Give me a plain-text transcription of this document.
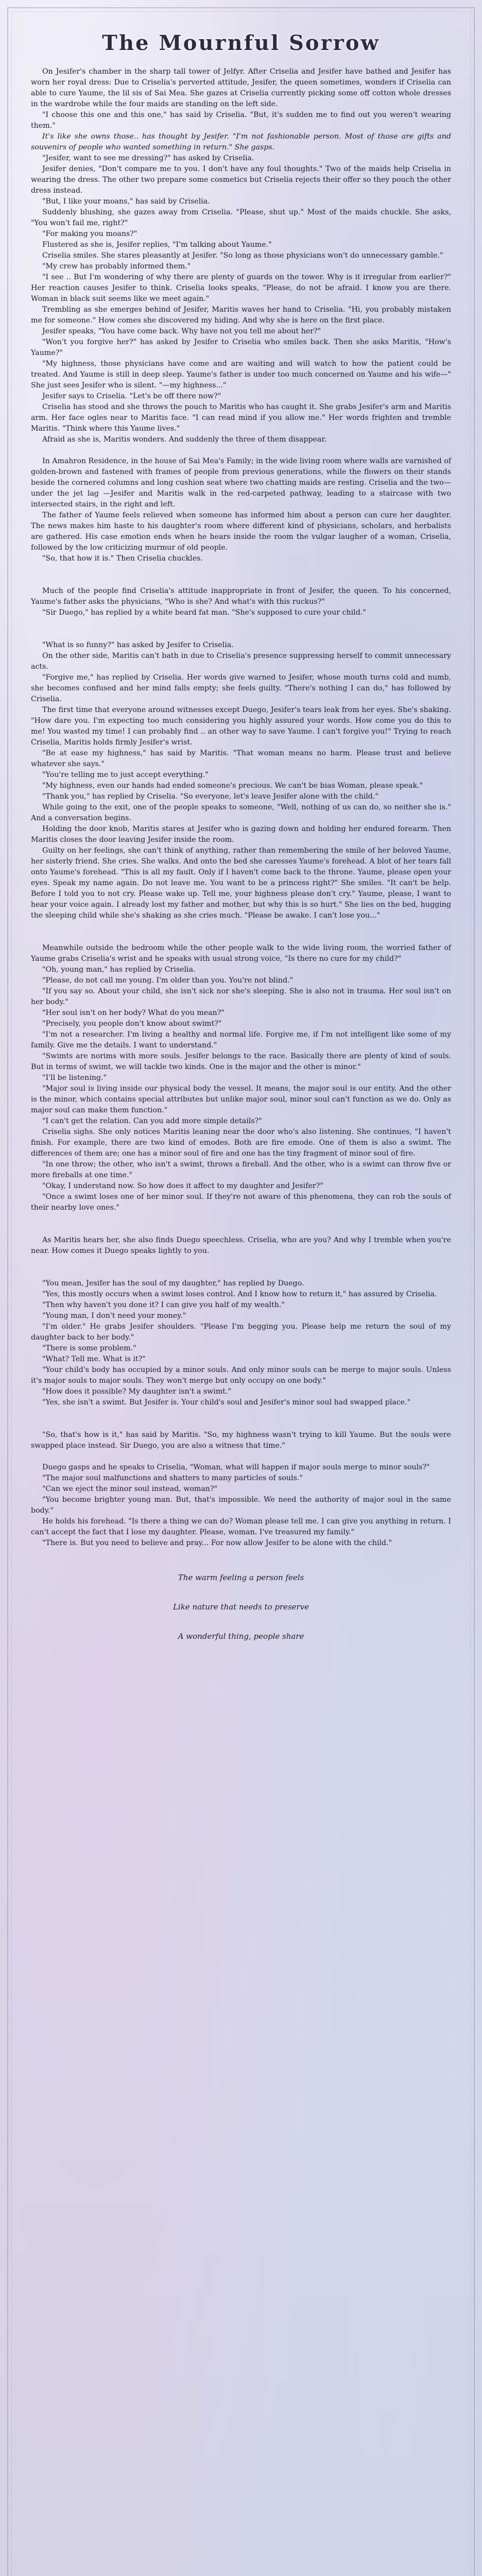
The Mournful Sorrow

On Jesifer's chamber in the sharp tall tower of Jelfyr. After Criselia and Jesifer have bathed and Jesifer has worn her royal dress: Due to Criselia's perverted attitude, Jesifer, the queen sometimes, wonders if Criselia can able to cure Yaume, the lil sis of Sai Mea. She gazes at Criselia currently picking some off cotton whole dresses in the wardrobe while the four maids are standing on the left side.

"I choose this one and this one," has said by Criselia. "But, it's sudden me to find out you weren't wearing them."

It's like she owns those.. has thought by Jesifer. "I'm not fashionable person. Most of those are gifts and souvenirs of people who wanted something in return." She gasps.

"Jesifer, want to see me dressing?" has asked by Criselia.

Jesifer denies, "Don't compare me to you. I don't have any foul thoughts." Two of the maids help Criselia in wearing the dress. The other two prepare some cosmetics but Criselia rejects their offer so they pouch the other dress instead.

"But, I like your moans," has said by Criselia.

Suddenly blushing, she gazes away from Criselia. "Please, shut up." Most of the maids chuckle. She asks, "You won't fail me, right?"

"For making you moans?"

Flustered as she is, Jesifer replies, "I'm talking about Yaume."

Criselia smiles. She stares pleasantly at Jesifer. "So long as those physicians won't do unnecessary gamble."

"My crew has probably informed them."

"I see .. But I'm wondering of why there are plenty of guards on the tower. Why is it irregular from earlier?" Her reaction causes Jesifer to think. Criselia looks speaks, "Please, do not be afraid. I know you are there. Woman in black suit seems like we meet again."

Trembling as she emerges behind of Jesifer, Maritis waves her hand to Criselia. "Hi, you probably mistaken me for someone." How comes she discovered my hiding. And why she is here on the first place.

Jesifer speaks, "You have come back. Why have not you tell me about her?"

"Won't you forgive her?" has asked by Jesifer to Criselia who smiles back. Then she asks Maritis, "How's Yaume?"

"My highness, those physicians have come and are waiting and will watch to how the patient could be treated. And Yaume is still in deep sleep. Yaume's father is under too much concerned on Yaume and his wife—" She just sees Jesifer who is silent. "—my highness..."

Jesifer says to Criselia. "Let's be off there now?"

Criselia has stood and she throws the pouch to Maritis who has caught it. She grabs Jesifer's arm and Maritis arm. Her face ogles near to Maritis face. "I can read mind if you allow me." Her words frighten and tremble Maritis. "Think where this Yaume lives."

Afraid as she is, Maritis wonders. And suddenly the three of them disappear.

In Amahron Residence, in the house of Sai Mea's Family; in the wide living room where walls are varnished of golden-brown and fastened with frames of people from previous generations, while the flowers on their stands beside the cornered columns and long cushion seat where two chatting maids are resting. Criselia and the two— under the jet lag —Jesifer and Maritis walk in the red-carpeted pathway, leading to a staircase with two intersected stairs, in the right and left.

The father of Yaume feels relieved when someone has informed him about a person can cure her daughter. The news makes him haste to his daughter's room where different kind of physicians, scholars, and herbalists are gathered. His case emotion ends when he hears inside the room the vulgar laugher of a woman, Criselia, followed by the low criticizing murmur of old people.

"So, that how it is." Then Criselia chuckles.

Much of the people find Criselia's attitude inappropriate in front of Jesifer, the queen. To his concerned, Yaume's father asks the physicians, "Who is she? And what's with this ruckus?"

"Sir Duego," has replied by a white beard fat man. "She's supposed to cure your child."

"What is so funny?" has asked by Jesifer to Criselia.

On the other side, Maritis can't bath in due to Criselia's presence suppressing herself to commit unnecessary acts.

"Forgive me," has replied by Criselia. Her words give warned to Jesifer, whose mouth turns cold and numb, she becomes confused and her mind falls empty; she feels guilty. "There's nothing I can do," has followed by Criselia.

The first time that everyone around witnesses except Duego, Jesifer's tears leak from her eyes. She's shaking. "How dare you. I'm expecting too much considering you highly assured your words. How come you do this to me! You wasted my time! I can probably find .. an other way to save Yaume. I can't forgive you!" Trying to reach Criselia, Maritis holds firmly Jesifer's wrist.

"Be at ease my highness," has said by Maritis. "That woman means no harm. Please trust and believe whatever she says."

"You're telling me to just accept everything."

"My highness, even our hands had ended someone's precious. We can't be bias Woman, please speak."

"Thank you," has replied by Criselia. "So everyone, let's leave Jesifer alone with the child."

While going to the exit, one of the people speaks to someone, "Well, nothing of us can do, so neither she is." And a conversation begins.

Holding the door knob, Maritis stares at Jesifer who is gazing down and holding her endured forearm. Then Maritis closes the door leaving Jesifer inside the room.

Guilty on her feelings, she can't think of anything, rather than remembering the smile of her beloved Yaume, her sisterly friend. She cries. She walks. And onto the bed she caresses Yaume's forehead. A blot of her tears fall onto Yaume's forehead. "This is all my fault. Only if I haven't come back to the throne. Yaume, please open your eyes. Speak my name again. Do not leave me. You want to be a princess right?" She smiles. "It can't be help. Before I told you to not cry. Please wake up. Tell me, your highness please don't cry." Yaume, please, I want to hear your voice again. I already lost my father and mother, but why this is so hurt." She lies on the bed, hugging the sleeping child while she's shaking as she cries much. "Please be awake. I can't lose you..."

Meanwhile outside the bedroom while the other people walk to the wide living room, the worried father of Yaume grabs Criselia's wrist and he speaks with usual strong voice, "Is there no cure for my child?"

"Oh, young man," has replied by Criselia.

"Please, do not call me young. I'm older than you. You're not blind."

"If you say so. About your child, she isn't sick nor she's sleeping. She is also not in trauma. Her soul isn't on her body."

"Her soul isn't on her body? What do you mean?"

"Precisely, you people don't know about swimt?"

"I'm not a researcher. I'm living a healthy and normal life. Forgive me, if I'm not intelligent like some of my family. Give me the details. I want to understand."

"Swimts are norims with more souls. Jesifer belongs to the race. Basically there are plenty of kind of souls. But in terms of swimt, we will tackle two kinds. One is the major and the other is minor."

"I'll be listening."

"Major soul is living inside our physical body the vessel. It means, the major soul is our entity. And the other is the minor, which contains special attributes but unlike major soul, minor soul can't function as we do. Only as major soul can make them function."

"I can't get the relation. Can you add more simple details?"

Criselia sighs. She only notices Maritis leaning near the door who's also listening. She continues, "I haven't finish. For example, there are two kind of emodes. Both are fire emode. One of them is also a swimt. The differences of them are; one has a minor soul of fire and one has the tiny fragment of minor soul of fire.

"In one throw; the other, who isn't a swimt, throws a fireball. And the other, who is a swimt can throw five or more fireballs at one time."

"Okay, I understand now. So how does it affect to my daughter and Jesifer?"

"Once a swimt loses one of her minor soul. If they're not aware of this phenomena, they can rob the souls of their nearby love ones."

As Maritis hears her, she also finds Duego speechless. Criselia, who are you? And why I tremble when you're near. How comes it Duego speaks lightly to you.

"You mean, Jesifer has the soul of my daughter," has replied by Duego.

"Yes, this mostly occurs when a swimt loses control. And I know how to return it," has assured by Criselia.

"Then why haven't you done it? I can give you half of my wealth."

"Young man, I don't need your money."

"I'm older." He grabs Jesifer shoulders. "Please I'm begging you. Please help me return the soul of my daughter back to her body."

"There is some problem."

"What? Tell me. What is it?"

"Your child's body has occupied by a minor souls. And only minor souls can be merge to major souls. Unless it's major souls to major souls. They won't merge but only occupy on one body."

"How does it possible? My daughter isn't a swimt."

"Yes, she isn't a swimt. But Jesifer is. Your child's soul and Jesifer's minor soul had swapped place."

"So, that's how is it," has said by Maritis. "So, my highness wasn't trying to kill Yaume. But the souls were swapped place instead. Sir Duego, you are also a witness that time."

Duego gasps and he speaks to Criselia, "Woman, what will happen if major souls merge to minor souls?"

"The major soul malfunctions and shatters to many particles of souls."

"Can we eject the minor soul instead, woman?"

"You become brighter young man. But, that's impossible. We need the authority of major soul in the same body."

He holds his forehead. "Is there a thing we can do? Woman please tell me. I can give you anything in return. I can't accept the fact that I lose my daughter. Please, woman. I've treasured my family."

"There is. But you need to believe and pray... For now allow Jesifer to be alone with the child."

The warm feeling a person feels

Like nature that needs to preserve

A wonderful thing, people share
